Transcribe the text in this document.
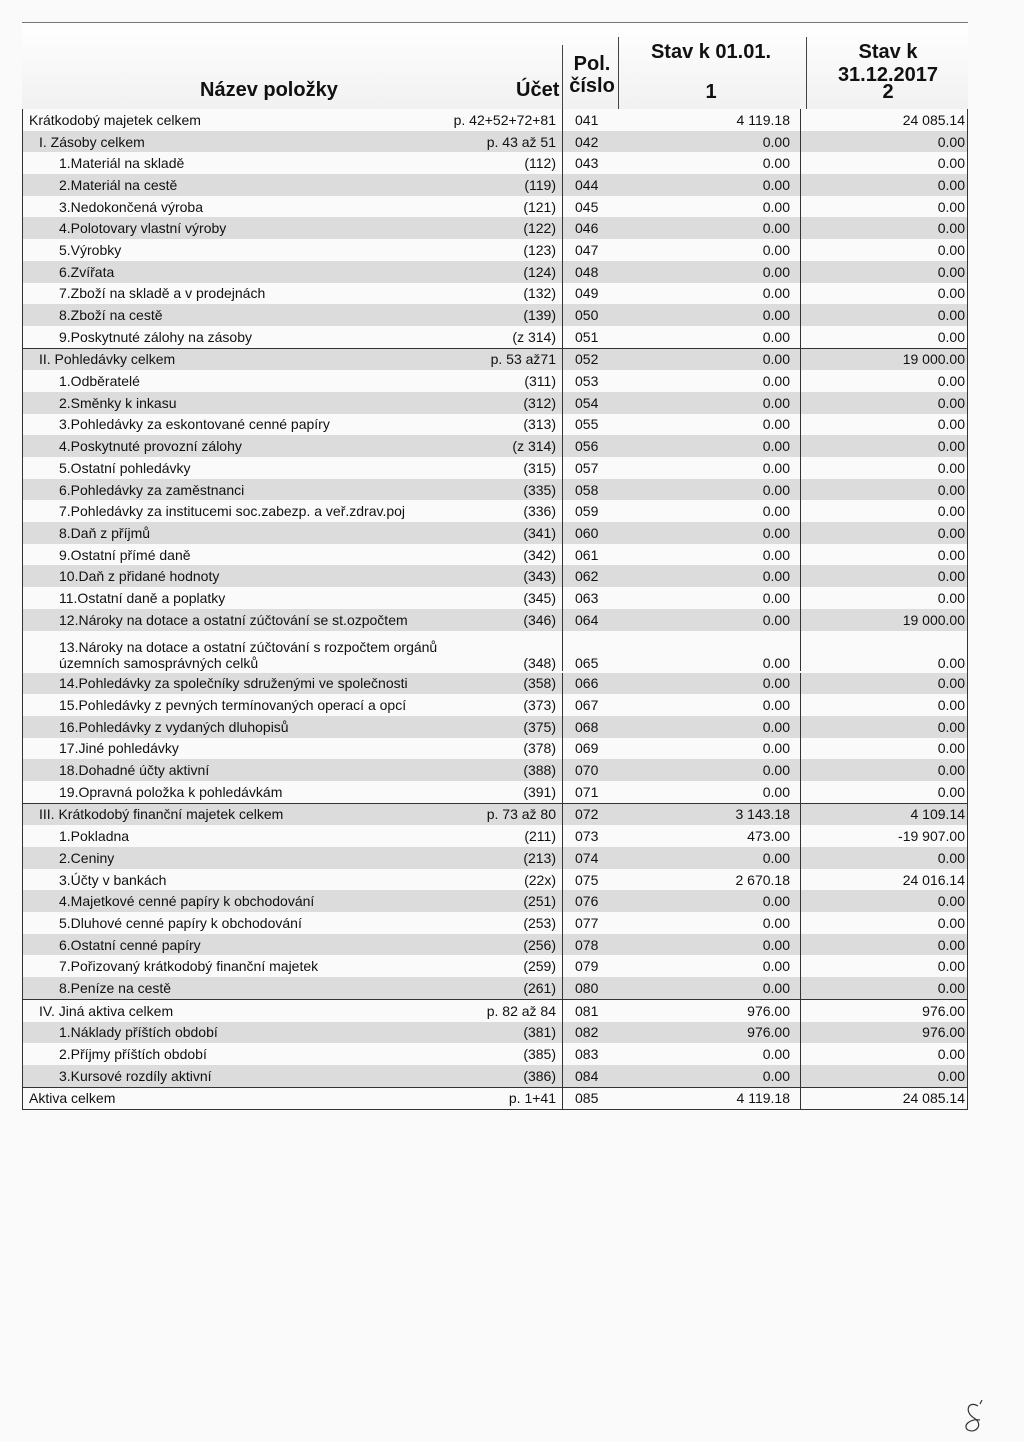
Název položky	Účet
Pol.
číslo
Stav k 01.01.	Stav k 31.12.2017
1	2
Krátkodobý majetek celkem	p. 42+52+72+81	041	4 119.18	24 085.14
I. Zásoby celkem	p. 43 až 51	042	0.00	0.00
1.Materiál na skladě	(112)	043	0.00	0.00
2.Materiál na cestě	(119)	044	0.00	0.00
3.Nedokončená výroba	(121)	045	0.00	0.00
4.Polotovary vlastní výroby	(122)	046	0.00	0.00
5.Výrobky	(123)	047	0.00	0.00
6.Zvířata	(124)	048	0.00	0.00
7.Zboží na skladě a v prodejnách	(132)	049	0.00	0.00
8.Zboží na cestě	(139)	050	0.00	0.00
9.Poskytnuté zálohy na zásoby	(z 314)	051	0.00	0.00
II. Pohledávky celkem	p. 53 až71	052	0.00	19 000.00
1.Odběratelé	(311)	053	0.00	0.00
2.Směnky k inkasu	(312)	054	0.00	0.00
3.Pohledávky za eskontované cenné papíry	(313)	055	0.00	0.00
4.Poskytnuté provozní zálohy	(z 314)	056	0.00	0.00
5.Ostatní pohledávky	(315)	057	0.00	0.00
6.Pohledávky za zaměstnanci	(335)	058	0.00	0.00
7.Pohledávky za institucemi soc.zabezp. a veř.zdrav.poj	(336)	059	0.00	0.00
8.Daň z příjmů	(341)	060	0.00	0.00
9.Ostatní přímé daně	(342)	061	0.00	0.00
10.Daň z přidané hodnoty	(343)	062	0.00	0.00
11.Ostatní daně a poplatky	(345)	063	0.00	0.00
12.Nároky na dotace a ostatní zúčtování se st.ozpočtem	(346)	064	0.00	19 000.00
13.Nároky na dotace a ostatní zúčtování s rozpočtem orgánů územních samosprávných celků	(348)	065	0.00	0.00
14.Pohledávky za společníky sdruženými ve společnosti	(358)	066	0.00	0.00
15.Pohledávky z pevných termínovaných operací a opcí	(373)	067	0.00	0.00
16.Pohledávky z vydaných dluhopisů	(375)	068	0.00	0.00
17.Jiné pohledávky	(378)	069	0.00	0.00
18.Dohadné účty aktivní	(388)	070	0.00	0.00
19.Opravná položka k pohledávkám	(391)	071	0.00	0.00
III. Krátkodobý finanční majetek celkem	p. 73 až 80	072	3 143.18	4 109.14
1.Pokladna	(211)	073	473.00	-19 907.00
2.Ceniny	(213)	074	0.00	0.00
3.Účty v bankách	(22x)	075	2 670.18	24 016.14
4.Majetkové cenné papíry k obchodování	(251)	076	0.00	0.00
5.Dluhové cenné papíry k obchodování	(253)	077	0.00	0.00
6.Ostatní cenné papíry	(256)	078	0.00	0.00
7.Pořizovaný krátkodobý finanční majetek	(259)	079	0.00	0.00
8.Peníze na cestě	(261)	080	0.00	0.00
IV. Jiná aktiva celkem	p. 82 až 84	081	976.00	976.00
1.Náklady příštích období	(381)	082	976.00	976.00
2.Příjmy příštích období	(385)	083	0.00	0.00
3.Kursové rozdíly aktivní	(386)	084	0.00	0.00
Aktiva celkem	p. 1+41	085	4 119.18	24 085.14
